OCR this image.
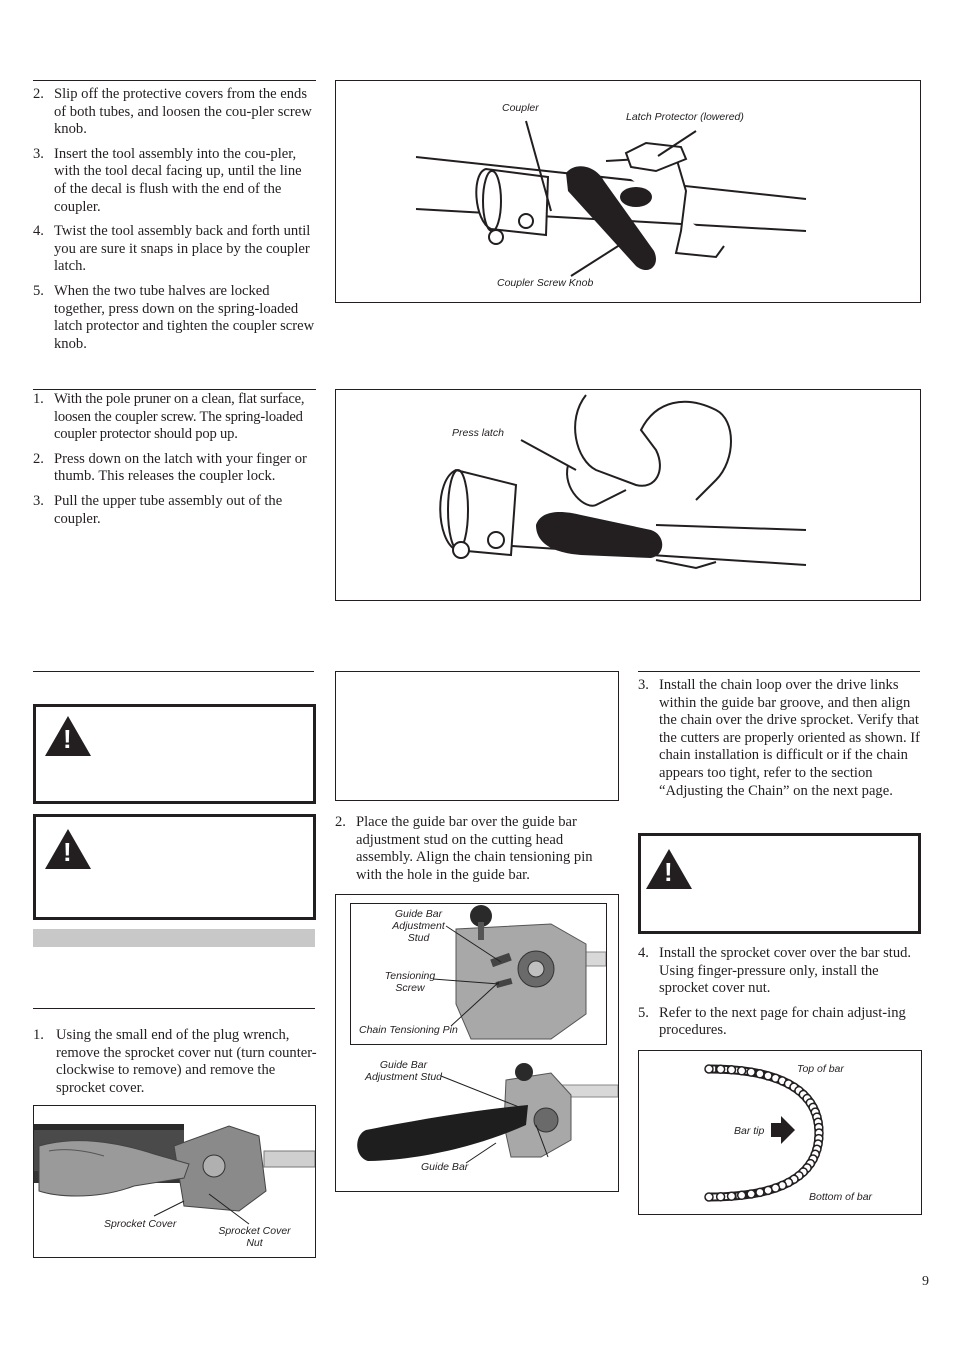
2. Slip off the protective covers from the ends of both tubes, and loosen the cou-pler screw knob.
3. Insert the tool assembly into the cou-pler, with the tool decal facing up, until the line of the decal is flush with the end of the coupler.
4. Twist the tool assembly back and forth until you are sure it snaps in place by the coupler latch.
5. When the two tube halves are locked together, press down on the spring-loaded latch protector and tighten the coupler screw knob.
Coupler
Latch Protector (lowered)
Coupler Screw Knob
1. With the pole pruner on a clean, flat surface, loosen the coupler screw. The spring-loaded coupler protector should pop up.
2. Press down on the latch with your finger or thumb. This releases the coupler lock.
3. Pull the upper tube assembly out of the coupler.
Press latch
!
!
1. Using the small end of the plug wrench, remove the sprocket cover nut (turn counter-clockwise to remove) and remove the sprocket cover.
Sprocket Cover
Sprocket Cover Nut
2. Place the guide bar over the guide bar adjustment stud on the cutting head assembly. Align the chain tensioning pin with the hole in the guide bar.
Guide Bar Adjustment Stud
Tensioning Screw
Chain Tensioning Pin
Guide Bar Adjustment Stud
Guide Bar
3. Install the chain loop over the drive links within the guide bar groove, and then align the chain over the drive sprocket. Verify that the cutters are properly oriented as shown. If chain installation is difficult or if the chain appears too tight, refer to the section “Adjusting the Chain” on the next page.
!
4. Install the sprocket cover over the bar stud. Using finger-pressure only, install the sprocket cover nut.
5. Refer to the next page for chain adjust-ing procedures.
Top of bar
Bar tip
Bottom of bar
9
